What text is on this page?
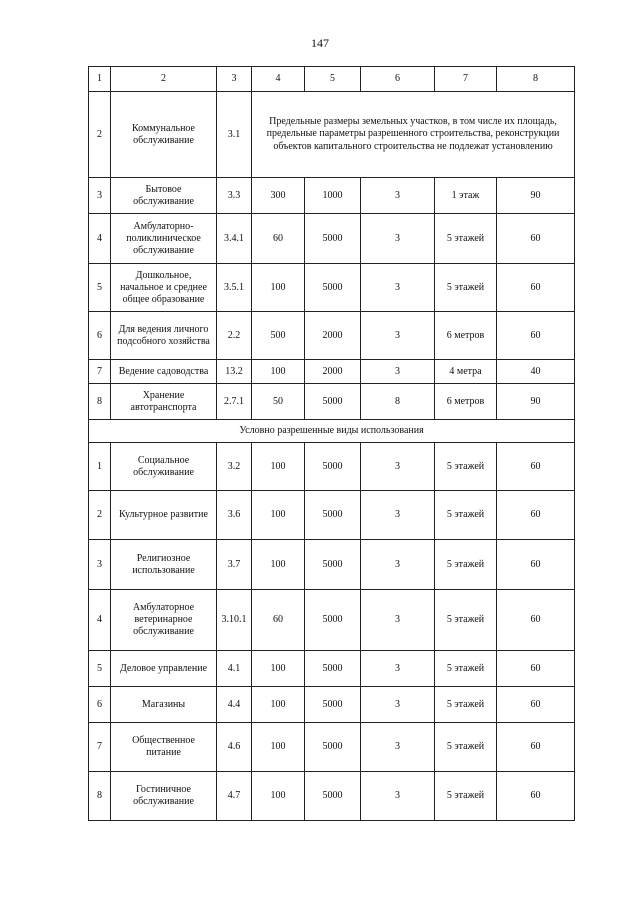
147
1	2	3	4	5	6	7	8
2	Коммунальное обслуживание	3.1	Предельные размеры земельных участков, в том числе их площадь, предельные параметры разрешенного строительства, реконструкции объектов капитального строительства не подлежат установлению				
3	Бытовое обслуживание	3.3	300	1000	3	1 этаж	90
4	Амбулаторно-поликлиническое обслуживание	3.4.1	60	5000	3	5 этажей	60
5	Дошкольное, начальное и среднее общее образование	3.5.1	100	5000	3	5 этажей	60
6	Для ведения личного подсобного хозяйства	2.2	500	2000	3	6 метров	60
7	Ведение садоводства	13.2	100	2000	3	4 метра	40
8	Хранение автотранспорта	2.7.1	50	5000	8	6 метров	90
Условно разрешенные виды использования							
1	Социальное обслуживание	3.2	100	5000	3	5 этажей	60
2	Культурное развитие	3.6	100	5000	3	5 этажей	60
3	Религиозное использование	3.7	100	5000	3	5 этажей	60
4	Амбулаторное ветеринарное обслуживание	3.10.1	60	5000	3	5 этажей	60
5	Деловое управление	4.1	100	5000	3	5 этажей	60
6	Магазины	4.4	100	5000	3	5 этажей	60
7	Общественное питание	4.6	100	5000	3	5 этажей	60
8	Гостиничное обслуживание	4.7	100	5000	3	5 этажей	60
